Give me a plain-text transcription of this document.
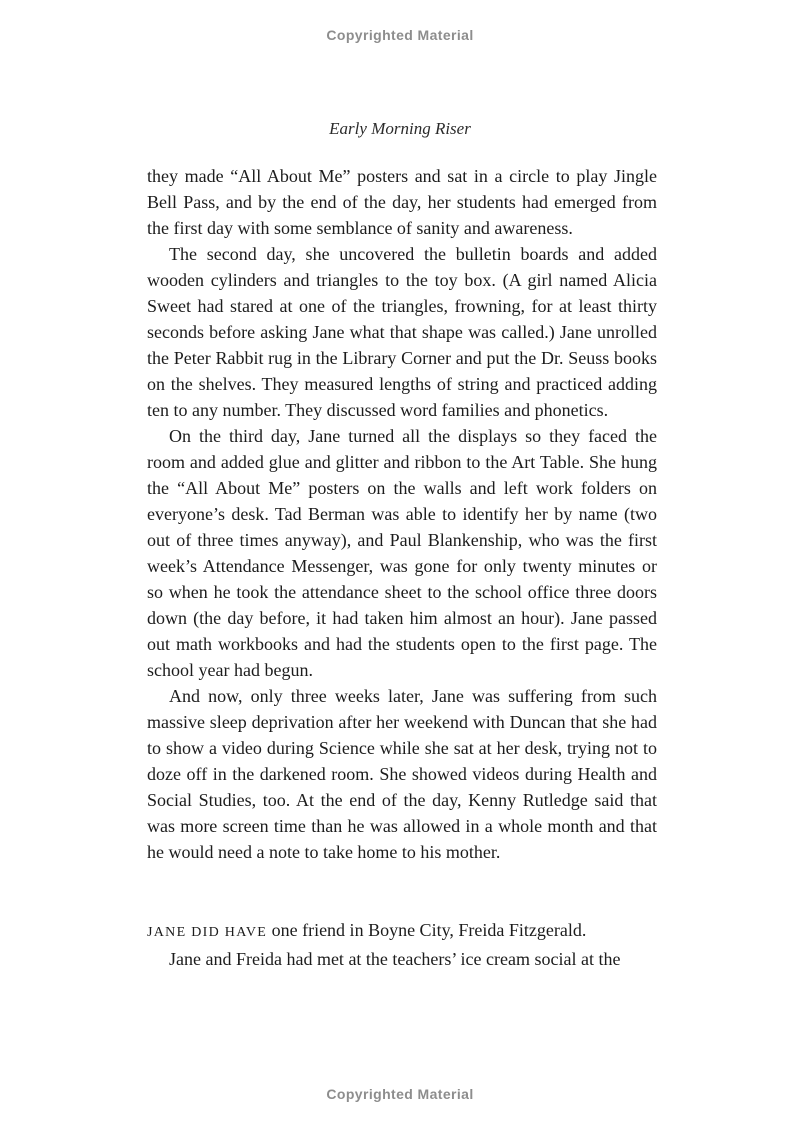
Copyrighted Material
Early Morning Riser

they made “All About Me” posters and sat in a circle to play Jingle Bell Pass, and by the end of the day, her students had emerged from the first day with some semblance of sanity and awareness.

The second day, she uncovered the bulletin boards and added wooden cylinders and triangles to the toy box. (A girl named Alicia Sweet had stared at one of the triangles, frowning, for at least thirty seconds before asking Jane what that shape was called.) Jane unrolled the Peter Rabbit rug in the Library Corner and put the Dr. Seuss books on the shelves. They measured lengths of string and practiced adding ten to any number. They discussed word families and phonetics.

On the third day, Jane turned all the displays so they faced the room and added glue and glitter and ribbon to the Art Table. She hung the “All About Me” posters on the walls and left work folders on everyone’s desk. Tad Berman was able to identify her by name (two out of three times anyway), and Paul Blankenship, who was the first week’s Attendance Messenger, was gone for only twenty minutes or so when he took the attendance sheet to the school office three doors down (the day before, it had taken him almost an hour). Jane passed out math workbooks and had the students open to the first page. The school year had begun.

And now, only three weeks later, Jane was suffering from such massive sleep deprivation after her weekend with Duncan that she had to show a video during Science while she sat at her desk, trying not to doze off in the darkened room. She showed videos during Health and Social Studies, too. At the end of the day, Kenny Rutledge said that was more screen time than he was allowed in a whole month and that he would need a note to take home to his mother.

JANE DID HAVE one friend in Boyne City, Freida Fitzgerald.

Jane and Freida had met at the teachers’ ice cream social at the

Copyrighted Material
